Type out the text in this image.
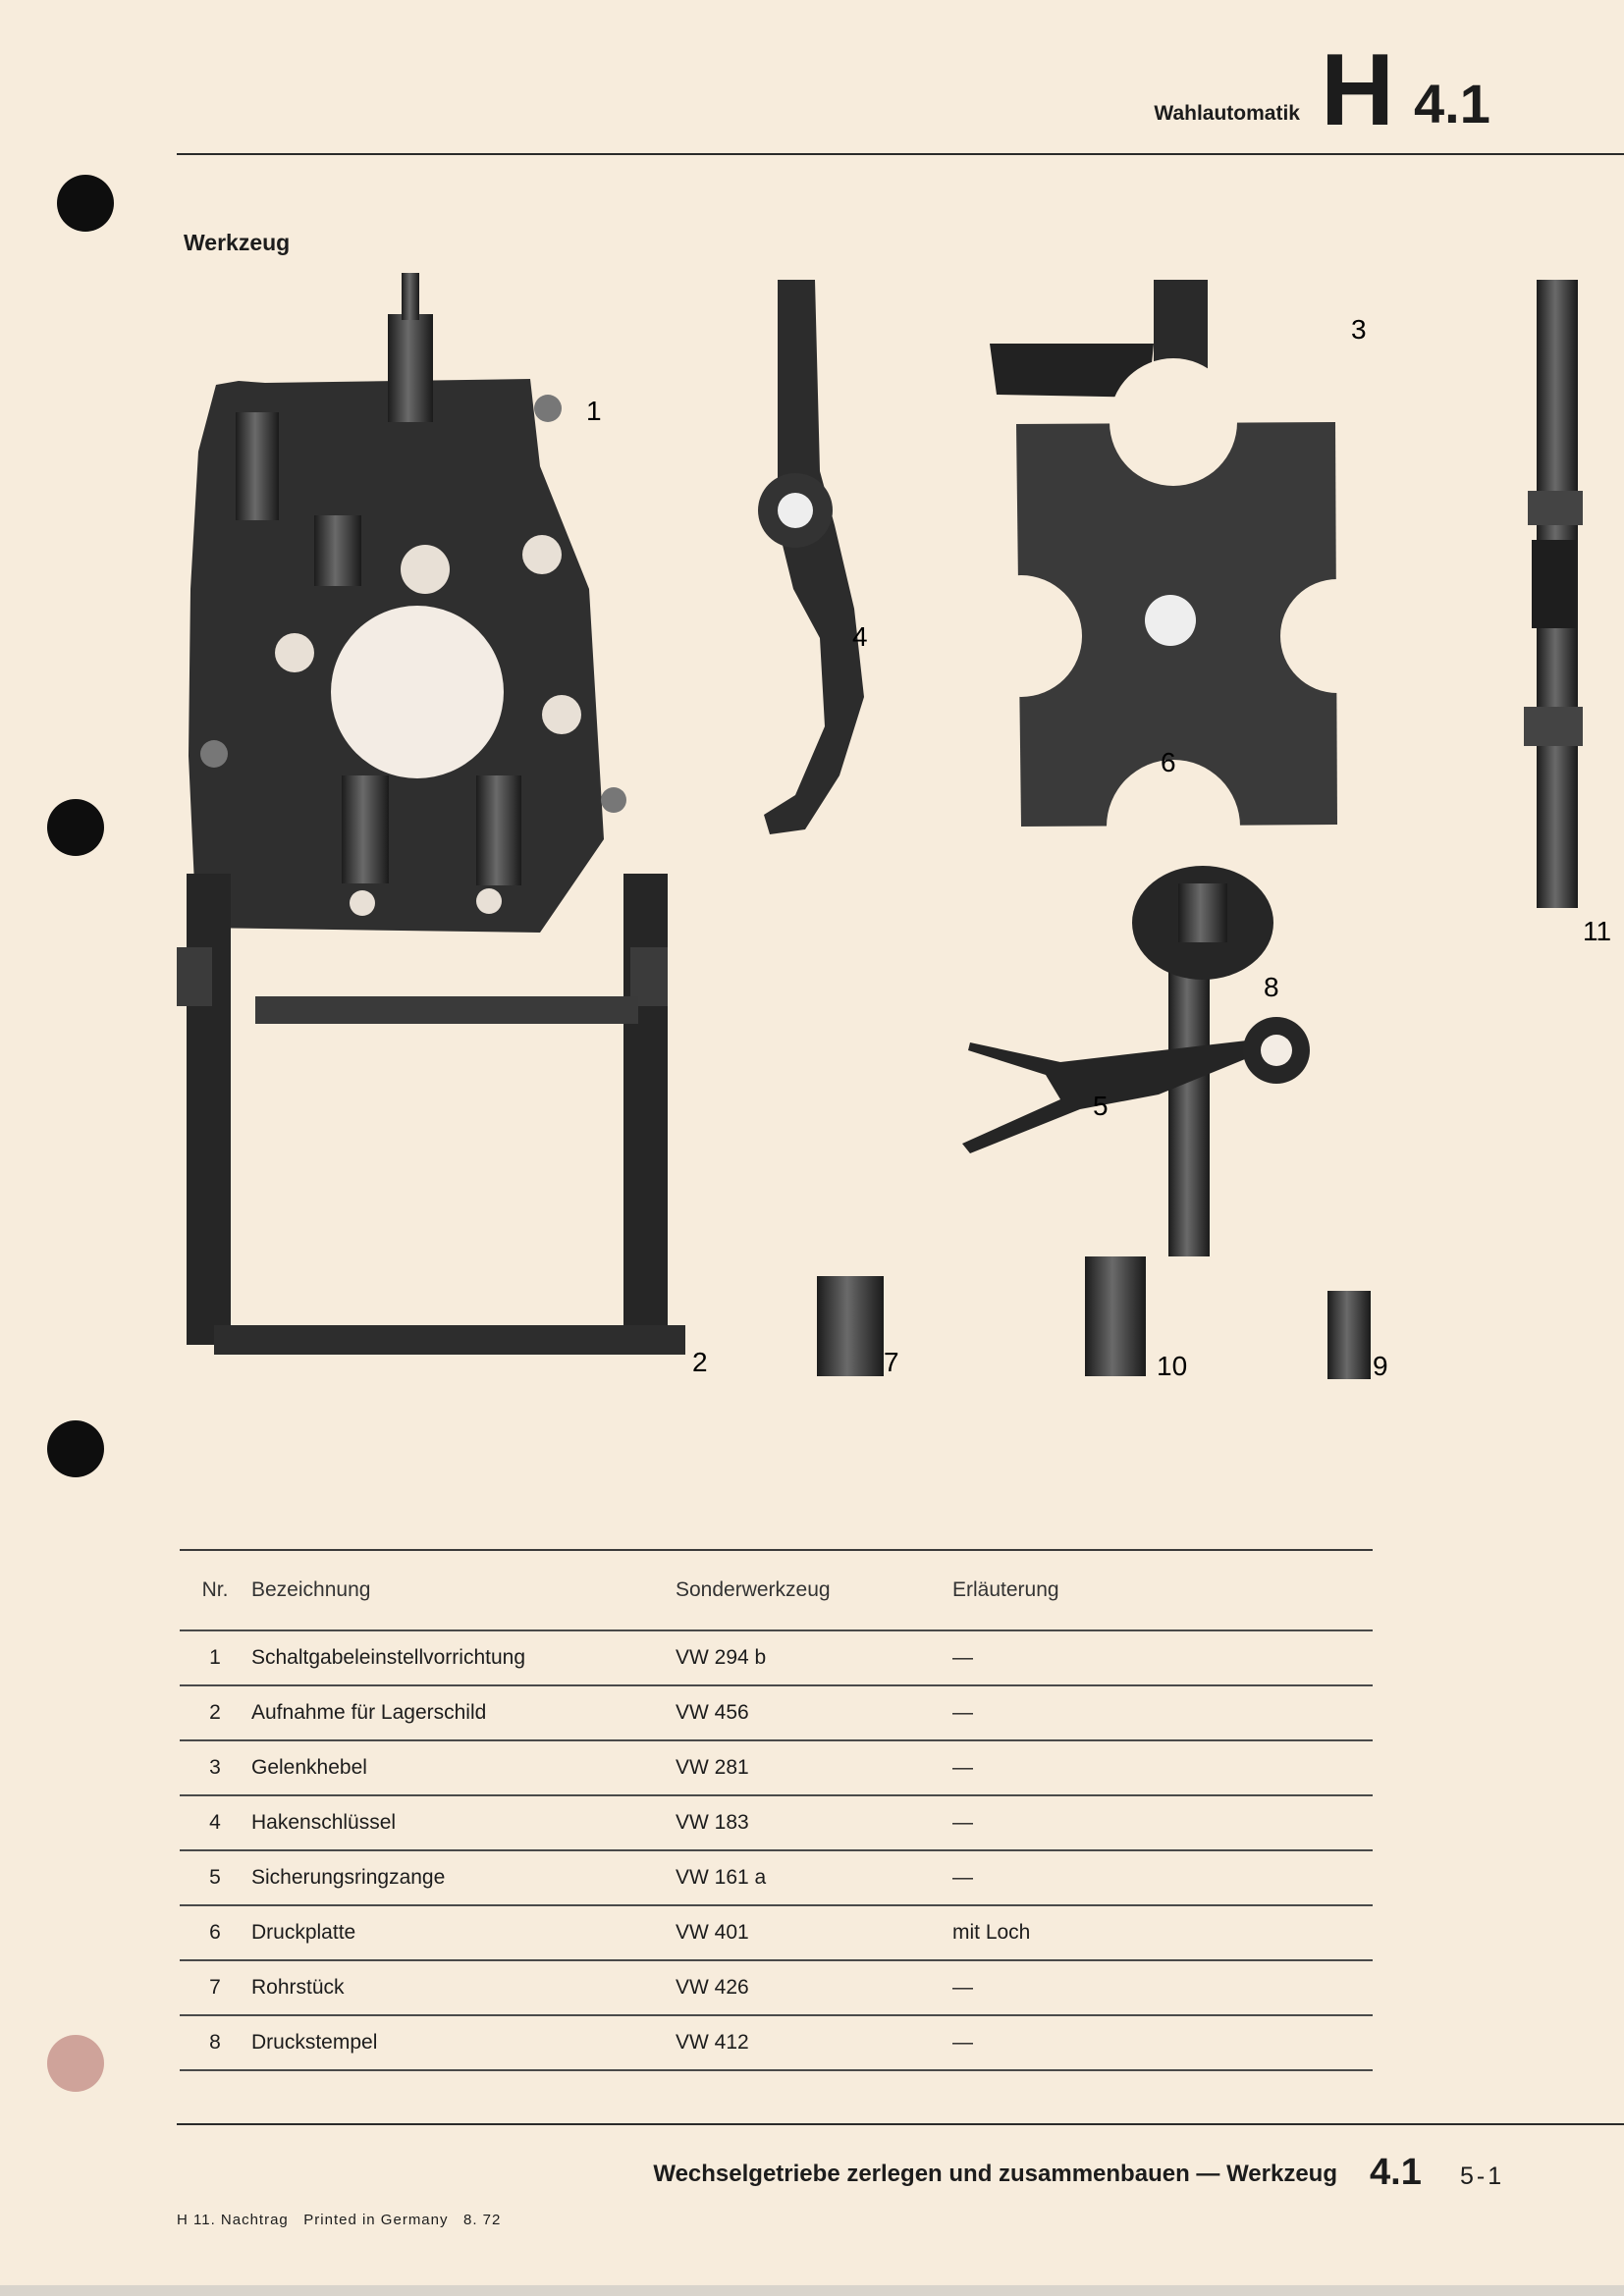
Wahlautomatik H 4.1
Werkzeug
1
2
3
4
5
6
7
8
9
10
11
Nr.	Bezeichnung	Sonderwerkzeug	Erläuterung
1	Schaltgabeleinstellvorrichtung	VW 294 b	—
2	Aufnahme für Lagerschild	VW 456	—
3	Gelenkhebel	VW 281	—
4	Hakenschlüssel	VW 183	—
5	Sicherungsringzange	VW 161 a	—
6	Druckplatte	VW 401	mit Loch
7	Rohrstück	VW 426	—
8	Druckstempel	VW 412	—

Wechselgetriebe zerlegen und zusammenbauen — Werkzeug 4.1 5-1
H 11. Nachtrag   Printed in Germany   8. 72
